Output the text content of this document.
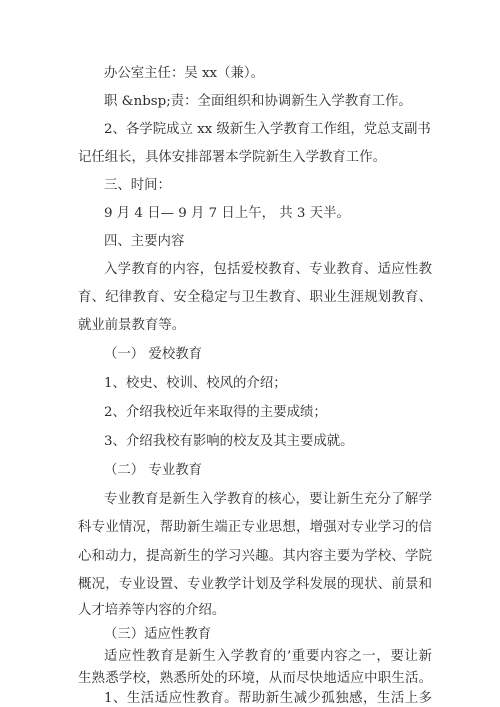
办公室主任：吴 xx（兼）。
职 &nbsp;责：全面组织和协调新生入学教育工作。
2、各学院成立 xx 级新生入学教育工作组，党总支副书
记任组长，具体安排部署本学院新生入学教育工作。
三、时间：
9 月 4 日— 9 月 7 日上午， 共 3 天半。
四、主要内容
入学教育的内容，包括爱校教育、专业教育、适应性教
育、纪律教育、安全稳定与卫生教育、职业生涯规划教育、
就业前景教育等。
（一） 爱校教育
1、校史、校训、校风的介绍；
2、介绍我校近年来取得的主要成绩；
3、介绍我校有影响的校友及其主要成就。
（二） 专业教育
专业教育是新生入学教育的核心，要让新生充分了解学
科专业情况，帮助新生端正专业思想，增强对专业学习的信
心和动力，提高新生的学习兴趣。其内容主要为学校、学院
概况，专业设置、专业教学计划及学科发展的现状、前景和
人才培养等内容的介绍。
（三）适应性教育
适应性教育是新生入学教育的’重要内容之一，要让新
生熟悉学校，熟悉所处的环境，从而尽快地适应中职生活。
1、生活适应性教育。帮助新生减少孤独感，生活上多
